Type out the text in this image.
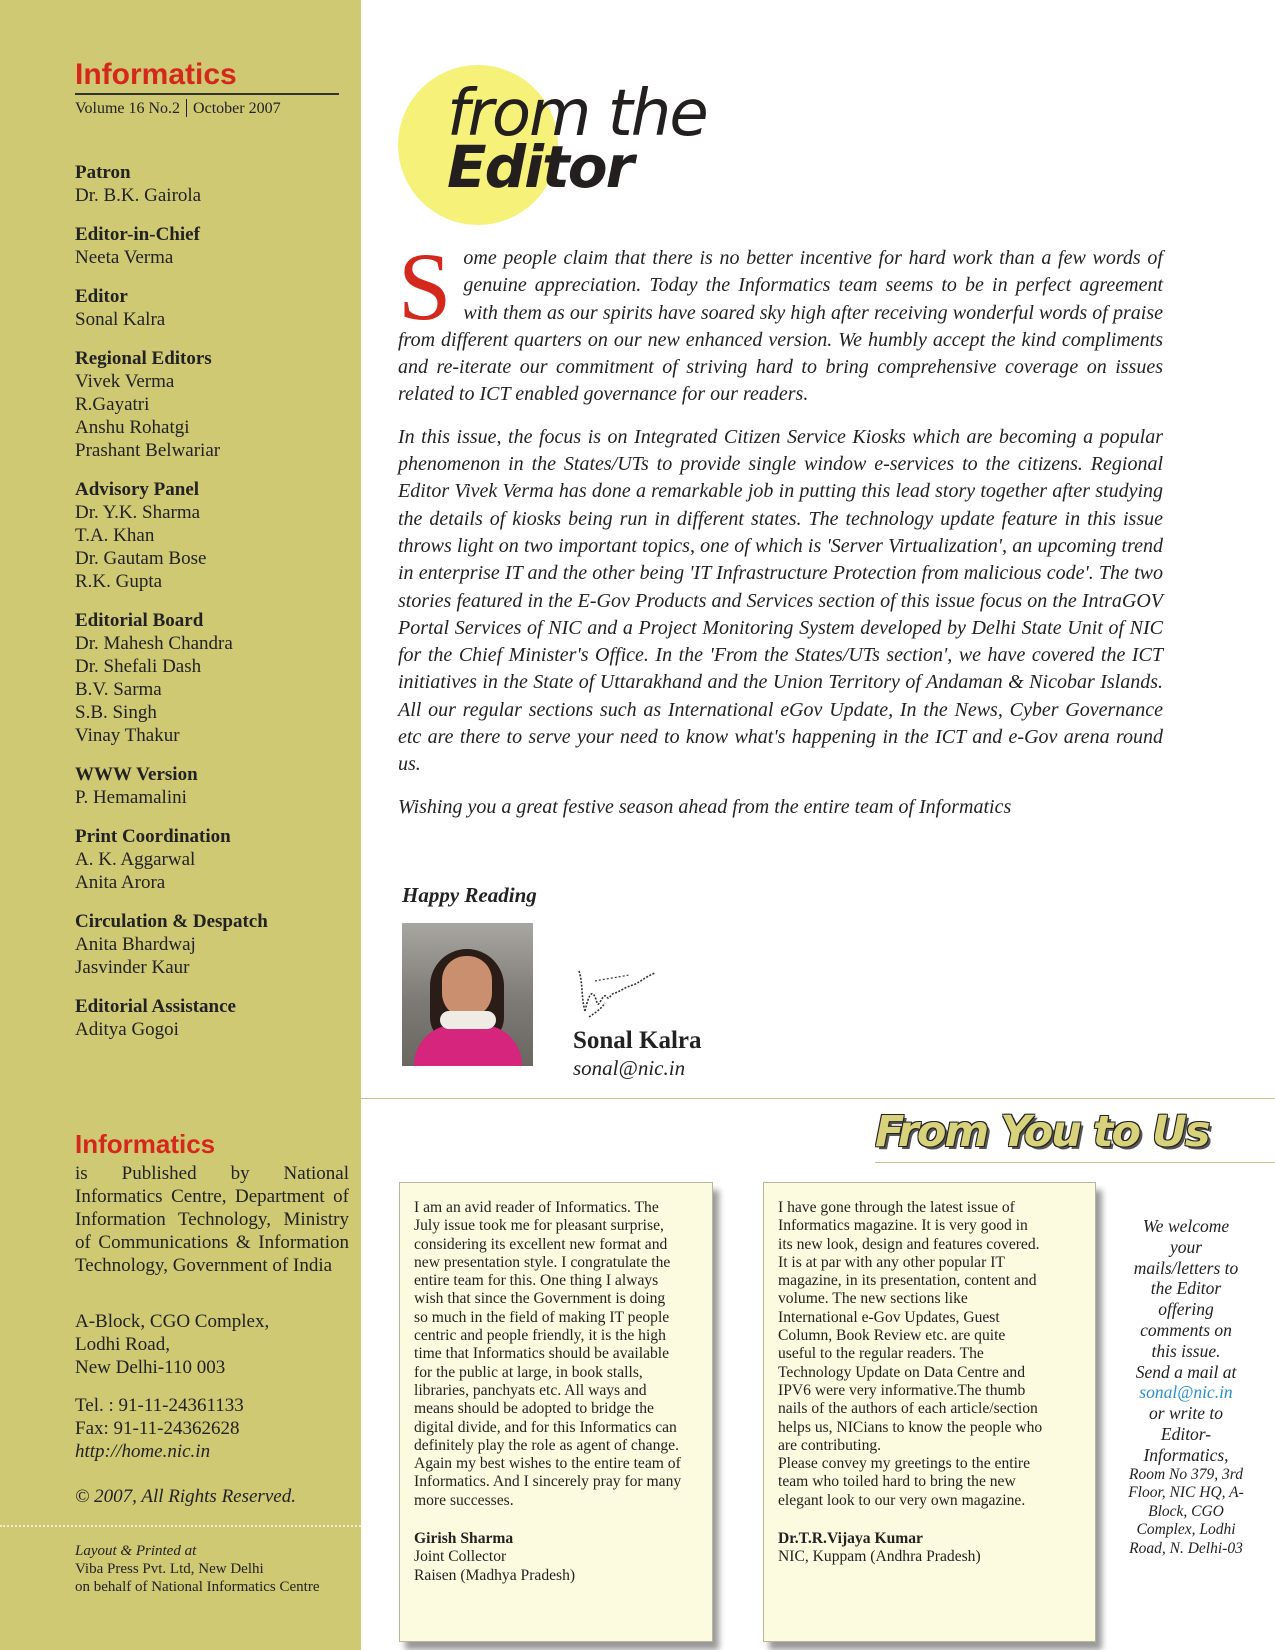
Informatics
Volume 16 No.2 October 2007
Patron
Dr. B.K. Gairola
Editor-in-Chief
Neeta Verma
Editor
Sonal Kalra
Regional Editors
Vivek Verma
R.Gayatri
Anshu Rohatgi
Prashant Belwariar
Advisory Panel
Dr. Y.K. Sharma
T.A. Khan
Dr. Gautam Bose
R.K. Gupta
Editorial Board
Dr. Mahesh Chandra
Dr. Shefali Dash
B.V. Sarma
S.B. Singh
Vinay Thakur
WWW Version
P. Hemamalini
Print Coordination
A. K. Aggarwal
Anita Arora
Circulation & Despatch
Anita Bhardwaj
Jasvinder Kaur
Editorial Assistance
Aditya Gogoi
Informatics
is Published by National Informatics Centre, Department of Information Technology, Ministry of Communications & Information Technology, Government of India
A-Block, CGO Complex,
Lodhi Road,
New Delhi-110 003
Tel. : 91-11-24361133
Fax: 91-11-24362628
http://home.nic.in
© 2007, All Rights Reserved.
Layout & Printed at
Viba Press Pvt. Ltd, New Delhi
on behalf of National Informatics Centre
from the
Editor

Some people claim that there is no better incentive for hard work than a few words of genuine appreciation. Today the Informatics team seems to be in perfect agreement with them as our spirits have soared sky high after receiving wonderful words of praise from different quarters on our new enhanced version. We humbly accept the kind compliments and re-iterate our commitment of striving hard to bring comprehensive coverage on issues related to ICT enabled governance for our readers.

In this issue, the focus is on Integrated Citizen Service Kiosks which are becoming a popular phenomenon in the States/UTs to provide single window e-services to the citizens. Regional Editor Vivek Verma has done a remarkable job in putting this lead story together after studying the details of kiosks being run in different states. The technology update feature in this issue throws light on two important topics, one of which is 'Server Virtualization', an upcoming trend in enterprise IT and the other being 'IT Infrastructure Protection from malicious code'. The two stories featured in the E-Gov Products and Services section of this issue focus on the IntraGOV Portal Services of NIC and a Project Monitoring System developed by Delhi State Unit of NIC for the Chief Minister's Office. In the 'From the States/UTs section', we have covered the ICT initiatives in the State of Uttarakhand and the Union Territory of Andaman & Nicobar Islands. All our regular sections such as International eGov Update, In the News, Cyber Governance etc are there to serve your need to know what's happening in the ICT and e-Gov arena round us.

Wishing you a great festive season ahead from the entire team of Informatics

Happy Reading
Sonal Kalra
sonal@nic.in
From You to Us
I am an avid reader of Informatics. The
July issue took me for pleasant surprise,
considering its excellent new format and
new presentation style. I congratulate the
entire team for this. One thing I always
wish that since the Government is doing
so much in the field of making IT people
centric and people friendly, it is the high
time that Informatics should be available
for the public at large, in book stalls,
libraries, panchyats etc. All ways and
means should be adopted to bridge the
digital divide, and for this Informatics can
definitely play the role as agent of change.
Again my best wishes to the entire team of
Informatics. And I sincerely pray for many
more successes.
Girish Sharma
Joint Collector
Raisen (Madhya Pradesh)
I have gone through the latest issue of
Informatics magazine. It is very good in
its new look, design and features covered.
It is at par with any other popular IT
magazine, in its presentation, content and
volume. The new sections like
International e-Gov Updates, Guest
Column, Book Review etc. are quite
useful to the regular readers. The
Technology Update on Data Centre and
IPV6 were very informative.The thumb
nails of the authors of each article/section
helps us, NICians to know the people who
are contributing.
Please convey my greetings to the entire
team who toiled hard to bring the new
elegant look to our very own magazine.
Dr.T.R.Vijaya Kumar
NIC, Kuppam (Andhra Pradesh)
We welcome
your
mails/letters to
the Editor
offering
comments on
this issue.
Send a mail at
sonal@nic.in
or write to
Editor-
Informatics,
Room No 379, 3rd
Floor, NIC HQ, A-
Block, CGO
Complex, Lodhi
Road, N. Delhi-03
